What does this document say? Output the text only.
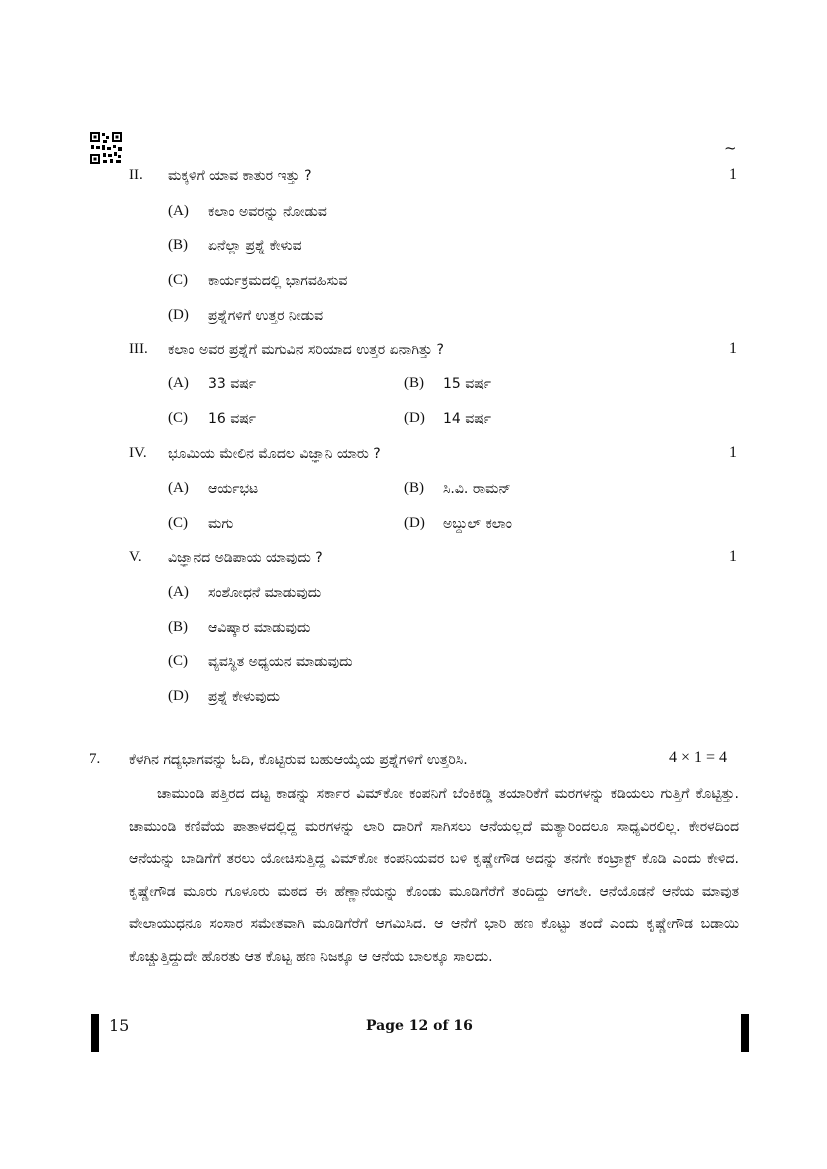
~
II. ಮಕ್ಕಳಿಗೆ ಯಾವ ಕಾತುರ ಇತ್ತು ?	1
(A) ಕಲಾಂ ಅವರನ್ನು ನೋಡುವ
(B) ಏನೆಲ್ಲಾ ಪ್ರಶ್ನೆ ಕೇಳುವ
(C) ಕಾರ್ಯಕ್ರಮದಲ್ಲಿ ಭಾಗವಹಿಸುವ
(D) ಪ್ರಶ್ನೆಗಳಿಗೆ ಉತ್ತರ ನೀಡುವ
III. ಕಲಾಂ ಅವರ ಪ್ರಶ್ನೆಗೆ ಮಗುವಿನ ಸರಿಯಾದ ಉತ್ತರ ಏನಾಗಿತ್ತು ?	1
(A) 33 ವರ್ಷ	(B) 15 ವರ್ಷ
(C) 16 ವರ್ಷ	(D) 14 ವರ್ಷ
IV. ಭೂಮಿಯ ಮೇಲಿನ ಮೊದಲ ವಿಜ್ಞಾನಿ ಯಾರು ?	1
(A) ಆರ್ಯಭಟ	(B) ಸಿ.ವಿ. ರಾಮನ್
(C) ಮಗು	(D) ಅಬ್ದುಲ್ ಕಲಾಂ
V. ವಿಜ್ಞಾನದ ಅಡಿಪಾಯ ಯಾವುದು ?	1
(A) ಸಂಶೋಧನೆ ಮಾಡುವುದು
(B) ಆವಿಷ್ಕಾರ ಮಾಡುವುದು
(C) ವ್ಯವಸ್ಥಿತ ಅಧ್ಯಯನ ಮಾಡುವುದು
(D) ಪ್ರಶ್ನೆ ಕೇಳುವುದು
7. ಕೆಳಗಿನ ಗದ್ಯಭಾಗವನ್ನು ಓದಿ, ಕೊಟ್ಟಿರುವ ಬಹುಆಯ್ಕೆಯ ಪ್ರಶ್ನೆಗಳಿಗೆ ಉತ್ತರಿಸಿ.	4 × 1 = 4
ಚಾಮುಂಡಿ ಪತ್ತಿರದ ದಟ್ಟ ಕಾಡನ್ನು ಸರ್ಕಾರ ವಿಮ್‌ಕೋ ಕಂಪನಿಗೆ ಬೆಂಕಿಕಡ್ಡಿ ತಯಾರಿಕೆಗೆ ಮರಗಳನ್ನು ಕಡಿಯಲು ಗುತ್ತಿಗೆ ಕೊಟ್ಟಿತ್ತು. ಚಾಮುಂಡಿ ಕಣಿವೆಯ ಪಾತಾಳದಲ್ಲಿದ್ದ ಮರಗಳನ್ನು ಲಾರಿ ದಾರಿಗೆ ಸಾಗಿಸಲು ಆನೆಯಲ್ಲದೆ ಮತ್ಯಾರಿಂದಲೂ ಸಾಧ್ಯವಿರಲಿಲ್ಲ. ಕೇರಳದಿಂದ ಆನೆಯನ್ನು ಬಾಡಿಗೆಗೆ ತರಲು ಯೋಚಿಸುತ್ತಿದ್ದ ವಿಮ್‌ಕೋ ಕಂಪನಿಯವರ ಬಳಿ ಕೃಷ್ಣೇಗೌಡ ಅದನ್ನು ತನಗೇ ಕಂಟ್ರಾಕ್ಟ್ ಕೊಡಿ ಎಂದು ಕೇಳಿದ. ಕೃಷ್ಣೇಗೌಡ ಮೂರು ಗೂಳೂರು ಮಠದ ಈ ಹೆಣ್ಣಾನೆಯನ್ನು ಕೊಂಡು ಮೂಡಿಗೆರೆಗೆ ತಂದಿದ್ದು ಆಗಲೇ. ಆನೆಯೊಡನೆ ಆನೆಯ ಮಾವುತ ವೇಲಾಯುಧನೂ ಸಂಸಾರ ಸಮೇತವಾಗಿ ಮೂಡಿಗೆರೆಗೆ ಆಗಮಿಸಿದ. ಆ ಆನೆಗೆ ಭಾರಿ ಹಣ ಕೊಟ್ಟು ತಂದೆ ಎಂದು ಕೃಷ್ಣೇಗೌಡ ಬಡಾಯಿ ಕೊಚ್ಚುತ್ತಿದ್ದುದೇ ಹೊರತು ಆತ ಕೊಟ್ಟ ಹಣ ನಿಜಕ್ಕೂ ಆ ಆನೆಯ ಬಾಲಕ್ಕೂ ಸಾಲದು.
15	Page 12 of 16
